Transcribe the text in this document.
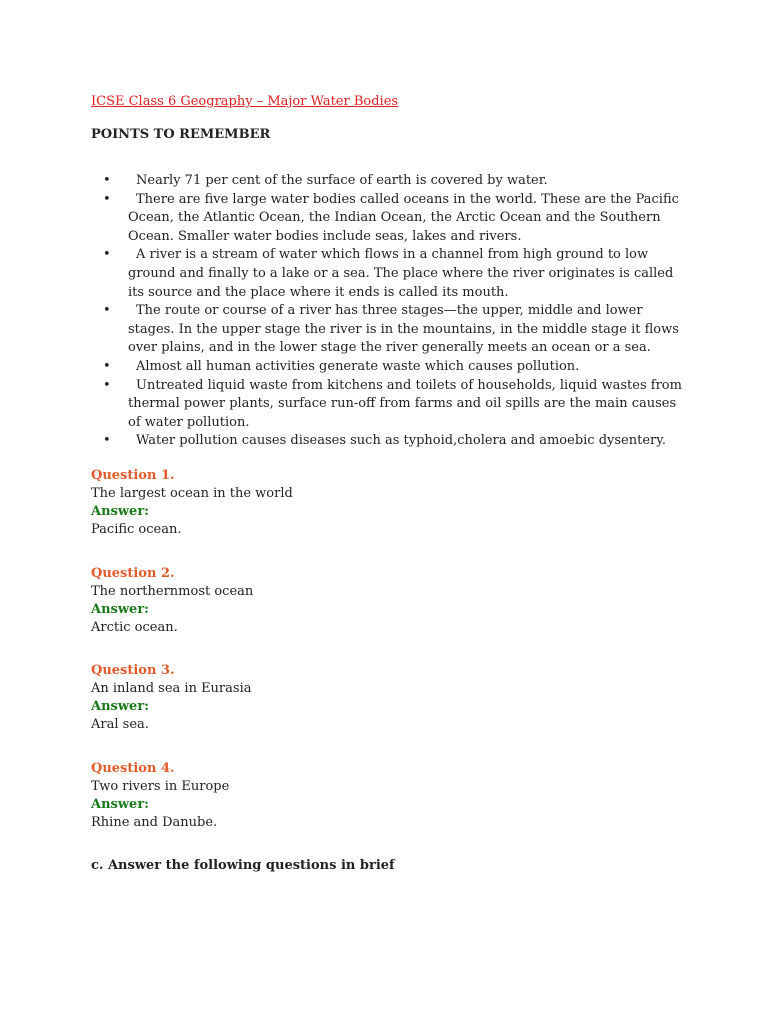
ICSE Class 6 Geography – Major Water Bodies
POINTS TO REMEMBER
• Nearly 71 per cent of the surface of earth is covered by water.
• There are five large water bodies called oceans in the world. These are the Pacific Ocean, the Atlantic Ocean, the Indian Ocean, the Arctic Ocean and the Southern Ocean. Smaller water bodies include seas, lakes and rivers.
• A river is a stream of water which flows in a channel from high ground to low ground and finally to a lake or a sea. The place where the river originates is called its source and the place where it ends is called its mouth.
• The route or course of a river has three stages—the upper, middle and lower stages. In the upper stage the river is in the mountains, in the middle stage it flows over plains, and in the lower stage the river generally meets an ocean or a sea.
• Almost all human activities generate waste which causes pollution.
• Untreated liquid waste from kitchens and toilets of households, liquid wastes from thermal power plants, surface run-off from farms and oil spills are the main causes of water pollution.
• Water pollution causes diseases such as typhoid,cholera and amoebic dysentery.
Question 1.
The largest ocean in the world
Answer:
Pacific ocean.
Question 2.
The northernmost ocean
Answer:
Arctic ocean.
Question 3.
An inland sea in Eurasia
Answer:
Aral sea.
Question 4.
Two rivers in Europe
Answer:
Rhine and Danube.
c. Answer the following questions in brief
